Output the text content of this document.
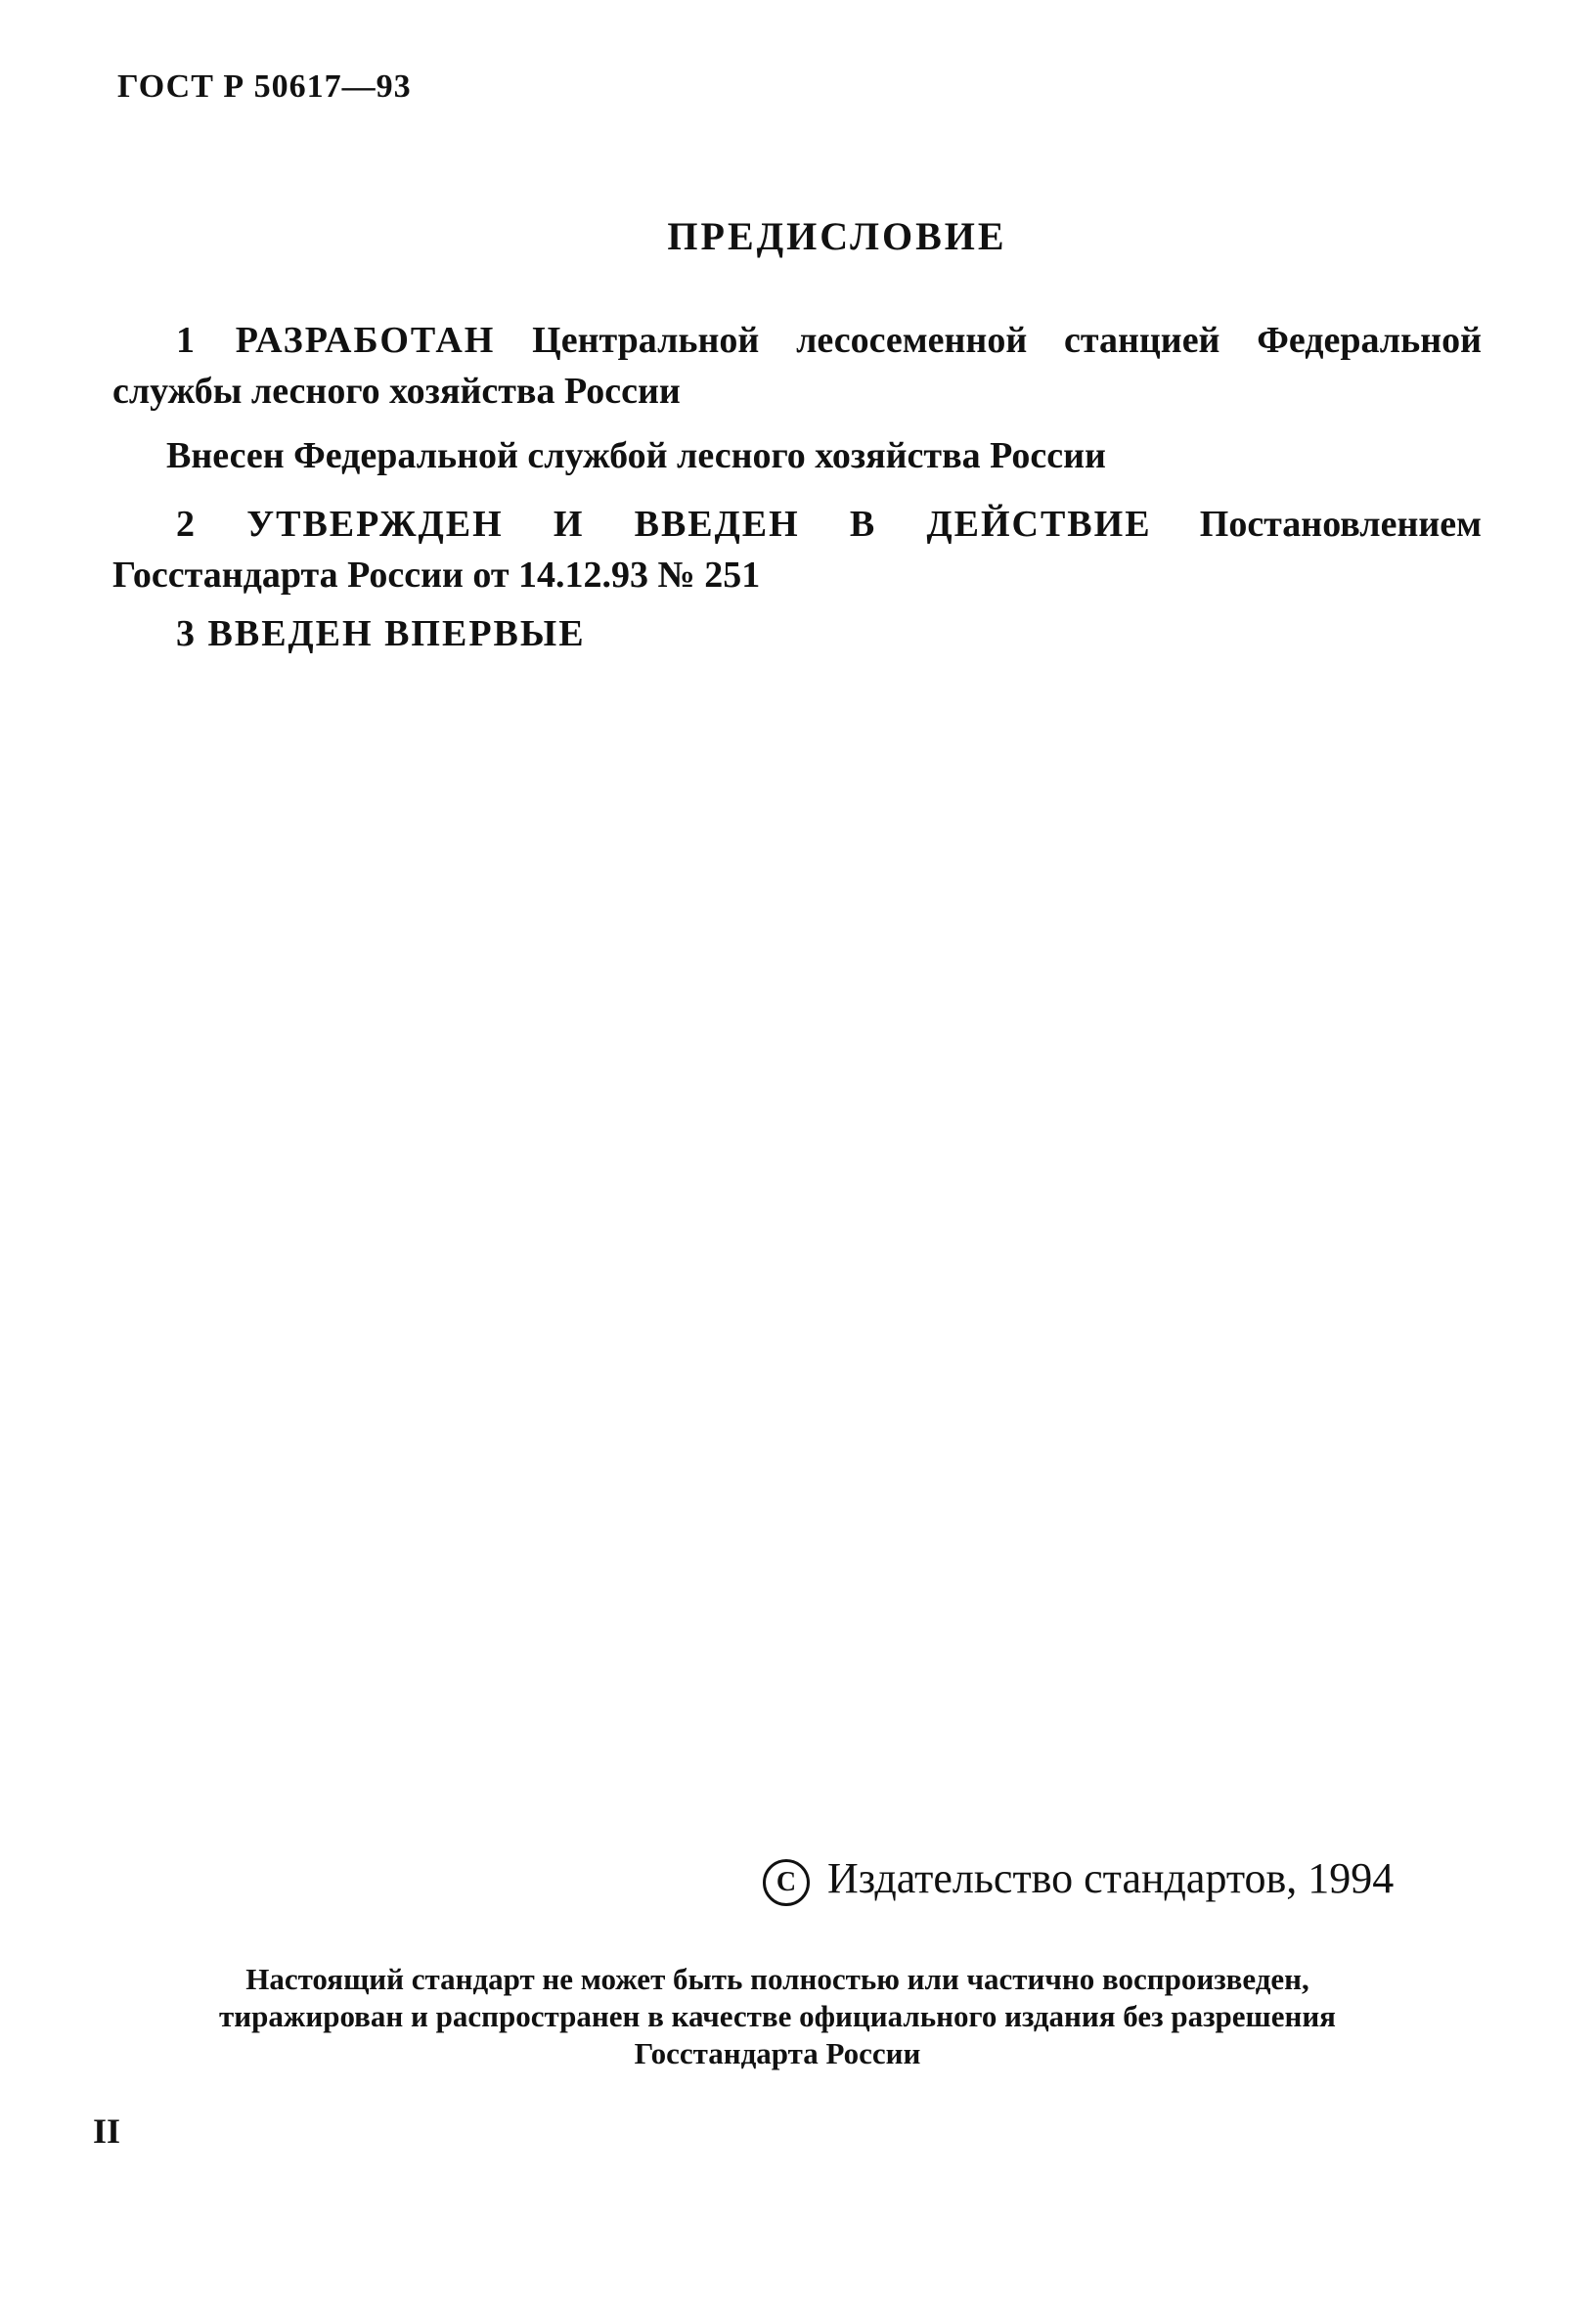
ГОСТ Р 50617—93
ПРЕДИСЛОВИЕ
1 РАЗРАБОТАН Центральной лесосеменной станцией Федеральной службы лесного хозяйства России
Внесен Федеральной службой лесного хозяйства России
2 УТВЕРЖДЕН И ВВЕДЕН В ДЕЙСТВИЕ Постановлением Госстандарта России от 14.12.93 № 251
3 ВВЕДЕН ВПЕРВЫЕ
C Издательство стандартов, 1994
Настоящий стандарт не может быть полностью или частично воспроизведен,
тиражирован и распространен в качестве официального издания без разрешения
Госстандарта России
II
